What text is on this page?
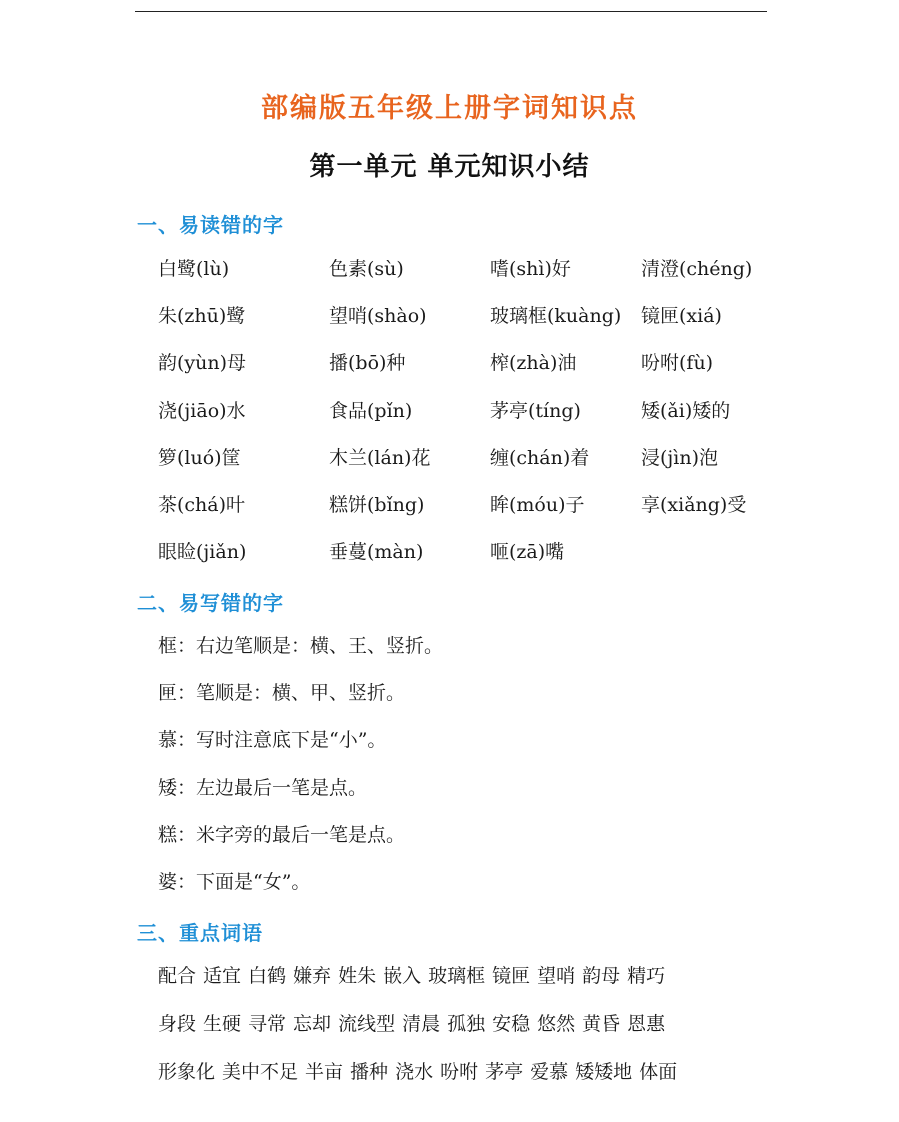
部编版五年级上册字词知识点
第一单元 单元知识小结
一、易读错的字
白鹭(lù)	色素(sù)	嗜(shì)好	清澄(chéng)
朱(zhū)鹭	望哨(shào)	玻璃框(kuàng)	镜匣(xiá)
韵(yùn)母	播(bō)种	榨(zhà)油	吩咐(fù)
浇(jiāo)水	食品(pǐn)	茅亭(tíng)	矮(ǎi)矮的
箩(luó)筐	木兰(lán)花	缠(chán)着	浸(jìn)泡
茶(chá)叶	糕饼(bǐng)	眸(móu)子	享(xiǎng)受
眼睑(jiǎn)	垂蔓(màn)	咂(zā)嘴
二、易写错的字
框：右边笔顺是：横、王、竖折。
匣：笔顺是：横、甲、竖折。
慕：写时注意底下是“小”。
矮：左边最后一笔是点。
糕：米字旁的最后一笔是点。
婆：下面是“女”。
三、重点词语
配合 适宜 白鹤 嫌弃 姓朱 嵌入 玻璃框 镜匣 望哨 韵母 精巧
身段 生硬 寻常 忘却 流线型 清晨 孤独 安稳 悠然 黄昏 恩惠
形象化 美中不足 半亩 播种 浇水 吩咐 茅亭 爱慕 矮矮地 体面
